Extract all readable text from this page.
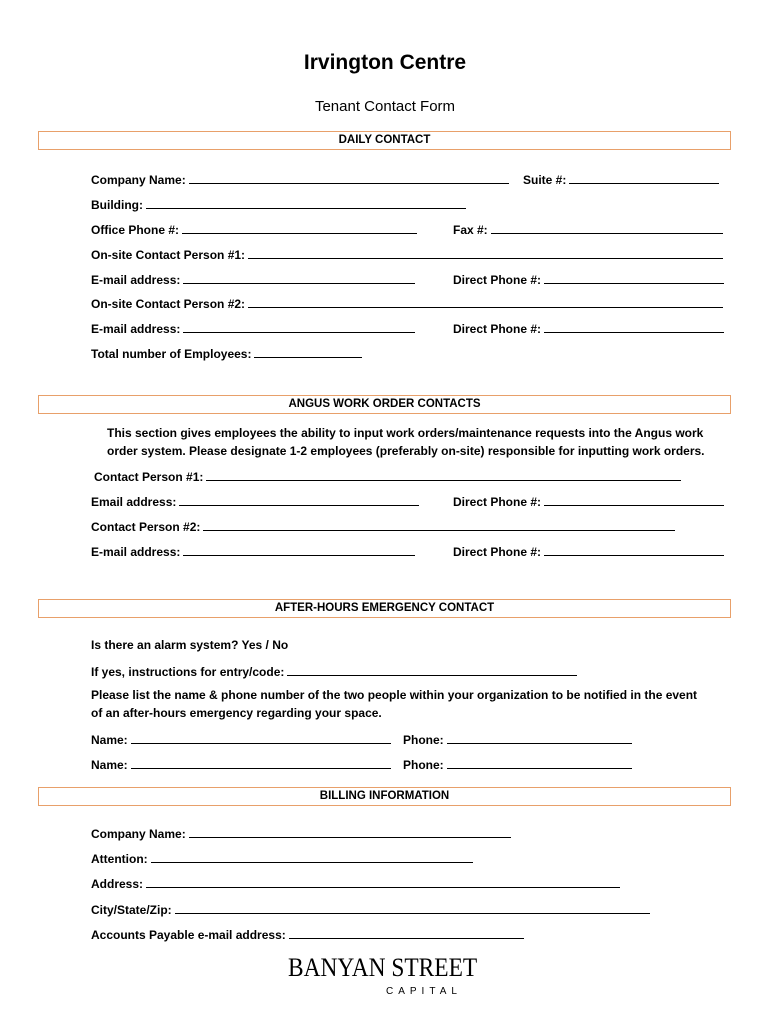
Irvington Centre
Tenant Contact Form
DAILY CONTACT
Company Name:	Suite #:
Building:
Office Phone #:	Fax #:
On-site Contact Person #1:
E-mail address:	Direct Phone #:
On-site Contact Person #2:
E-mail address:	Direct Phone #:
Total number of Employees:
ANGUS WORK ORDER CONTACTS
This section gives employees the ability to input work orders/maintenance requests into the Angus work
order system. Please designate 1-2 employees (preferably on-site) responsible for inputting work orders.
Contact Person #1:
Email address:	Direct Phone #:
Contact Person #2:
E-mail address:	Direct Phone #:
AFTER-HOURS EMERGENCY CONTACT
Is there an alarm system? Yes / No
If yes, instructions for entry/code:
Please list the name & phone number of the two people within your organization to be notified in the event
of an after-hours emergency regarding your space.
Name:	Phone:
Name:	Phone:
BILLING INFORMATION
Company Name:
Attention:
Address:
City/State/Zip:
Accounts Payable e-mail address:
BANYAN STREET
CAPITAL
